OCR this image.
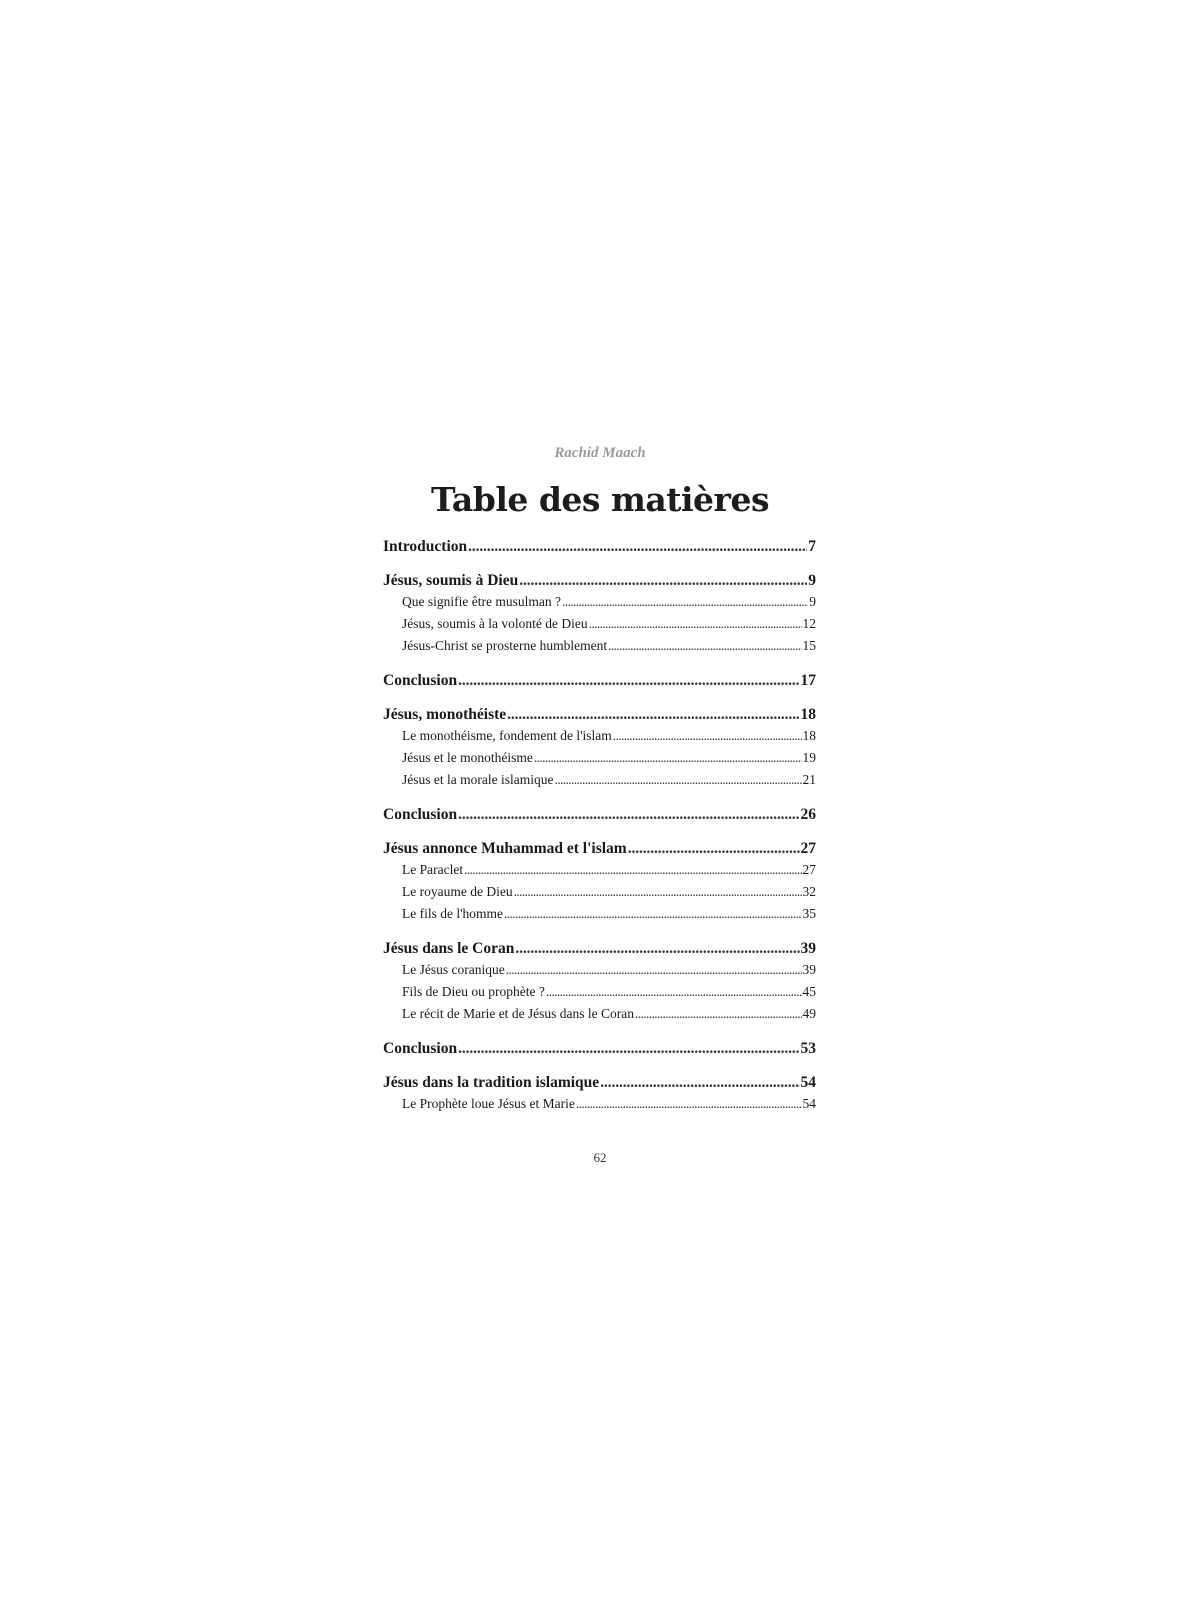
Rachid Maach
Table des matières
Introduction . . .	7
Jésus, soumis à Dieu . . .	9
Que signifie être musulman ? . . .	9
Jésus, soumis à la volonté de Dieu . . .	12
Jésus-Christ se prosterne humblement . . .	15
Conclusion . . .	17
Jésus, monothéiste . . .	18
Le monothéisme, fondement de l'islam . . .	18
Jésus et le monothéisme . . .	19
Jésus et la morale islamique . . .	21
Conclusion . . .	26
Jésus annonce Muhammad et l'islam . . .	27
Le Paraclet . . .	27
Le royaume de Dieu . . .	32
Le fils de l'homme . . .	35
Jésus dans le Coran . . .	39
Le Jésus coranique . . .	39
Fils de Dieu ou prophète ? . . .	45
Le récit de Marie et de Jésus dans le Coran . . .	49
Conclusion . . .	53
Jésus dans la tradition islamique . . .	54
Le Prophète loue Jésus et Marie . . .	54
62
